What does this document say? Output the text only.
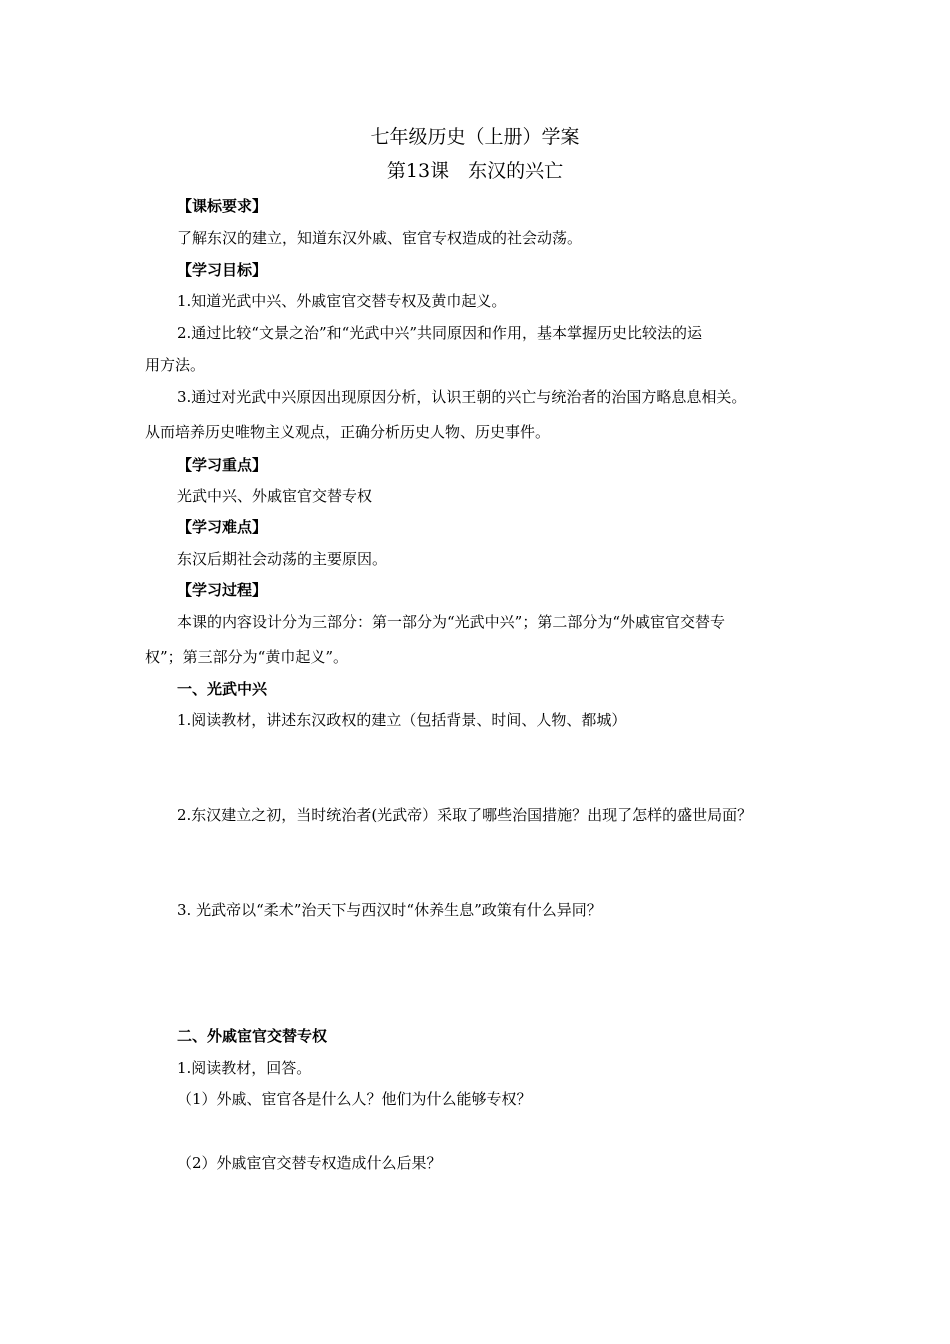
七年级历史（上册）学案
第13课　东汉的兴亡
【课标要求】
了解东汉的建立，知道东汉外戚、宦官专权造成的社会动荡。
【学习目标】
1.知道光武中兴、外戚宦官交替专权及黄巾起义。
2.通过比较“文景之治”和“光武中兴”共同原因和作用，基本掌握历史比较法的运
用方法。
3.通过对光武中兴原因出现原因分析，认识王朝的兴亡与统治者的治国方略息息相关。
从而培养历史唯物主义观点，正确分析历史人物、历史事件。
【学习重点】
光武中兴、外戚宦官交替专权
【学习难点】
东汉后期社会动荡的主要原因。
【学习过程】
本课的内容设计分为三部分：第一部分为“光武中兴”；第二部分为“外戚宦官交替专
权”；第三部分为“黄巾起义”。
一、光武中兴
1.阅读教材，讲述东汉政权的建立（包括背景、时间、人物、都城）
2.东汉建立之初，当时统治者(光武帝）采取了哪些治国措施？出现了怎样的盛世局面？
3. 光武帝以“柔术”治天下与西汉时“休养生息”政策有什么异同？
二、外戚宦官交替专权
1.阅读教材，回答。
（1）外戚、宦官各是什么人？他们为什么能够专权？
（2）外戚宦官交替专权造成什么后果？
